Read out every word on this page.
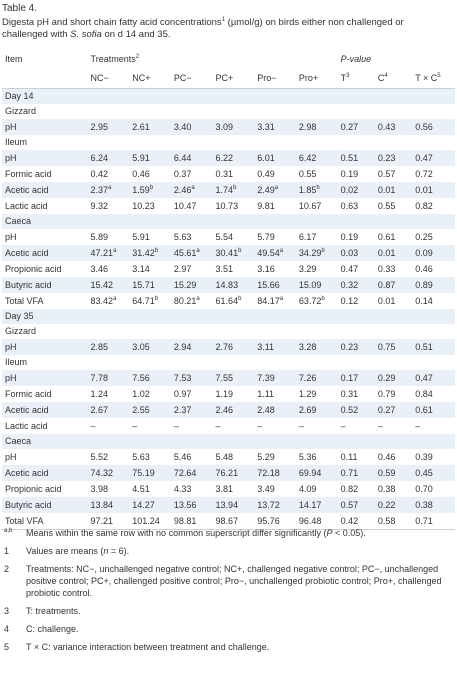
Table 4.
Digesta pH and short chain fatty acid concentrations$^1$ (µmol/g) on birds either non challenged or challenged with S. sofia on d 14 and 35.
Item	Treatments$^2$						P-value		
	NC−	NC+	PC−	PC+	Pro−	Pro+	$T^3$	$C^4$	$T \times C^5$
Day 14									
Gizzard									
pH	2.95	2.61	3.40	3.09	3.31	2.98	0.27	0.43	0.56
Ileum									
pH	6.24	5.91	6.44	6.22	6.01	6.42	0.51	0.23	0.47
Formic acid	0.42	0.46	0.37	0.31	0.49	0.55	0.19	0.57	0.72
Acetic acid	2.37$^a$	1.59$^b$	2.46$^a$	1.74$^b$	2.49$^a$	1.85$^b$	0.02	0.01	0.01
Lactic acid	9.32	10.23	10.47	10.73	9.81	10.67	0.63	0.55	0.82
Caeca									
pH	5.89	5.91	5.63	5.54	5.79	6.17	0.19	0.61	0.25
Acetic acid	47.21$^a$	31.42$^b$	45.61$^a$	30.41$^b$	49.54$^a$	34.29$^b$	0.03	0.01	0.09
Propionic acid	3.46	3.14	2.97	3.51	3.16	3.29	0.47	0.33	0.46
Butyric acid	15.42	15.71	15.29	14.83	15.66	15.09	0.32	0.87	0.89
Total VFA	83.42$^a$	64.71$^b$	80.21$^a$	61.64$^b$	84.17$^a$	63.72$^b$	0.12	0.01	0.14
Day 35									
Gizzard									
pH	2.85	3.05	2.94	2.76	3.11	3.28	0.23	0.75	0.51
Ileum									
pH	7.78	7.56	7.53	7.55	7.39	7.26	0.17	0.29	0.47
Formic acid	1.24	1.02	0.97	1.19	1.11	1.29	0.31	0.79	0.84
Acetic acid	2.67	2.55	2.37	2.46	2.48	2.69	0.52	0.27	0.61
Lactic acid	–	–	–	–	–	–	–	–	–
Caeca									
pH	5.52	5.63	5.46	5.48	5.29	5.36	0.11	0.46	0.39
Acetic acid	74.32	75.19	72.64	76.21	72.18	69.94	0.71	0.59	0.45
Propionic acid	3.98	4.51	4.33	3.81	3.49	4.09	0.82	0.38	0.70
Butyric acid	13.84	14.27	13.56	13.94	13.72	14.17	0.57	0.22	0.38
Total VFA	97.21	101.24	98.81	98.67	95.76	96.48	0.42	0.58	0.71
$^{a,b}$ Means within the same row with no common superscript differ significantly (P < 0.05).
1 Values are means (n = 6).
2 Treatments: NC−, unchallenged negative control; NC+, challenged negative control; PC−, unchallenged positive control; PC+, challenged positive control; Pro−, unchallenged probiotic control; Pro+, challenged probiotic control.
3 T: treatments.
4 C: challenge.
5 T × C: variance interaction between treatment and challenge.
